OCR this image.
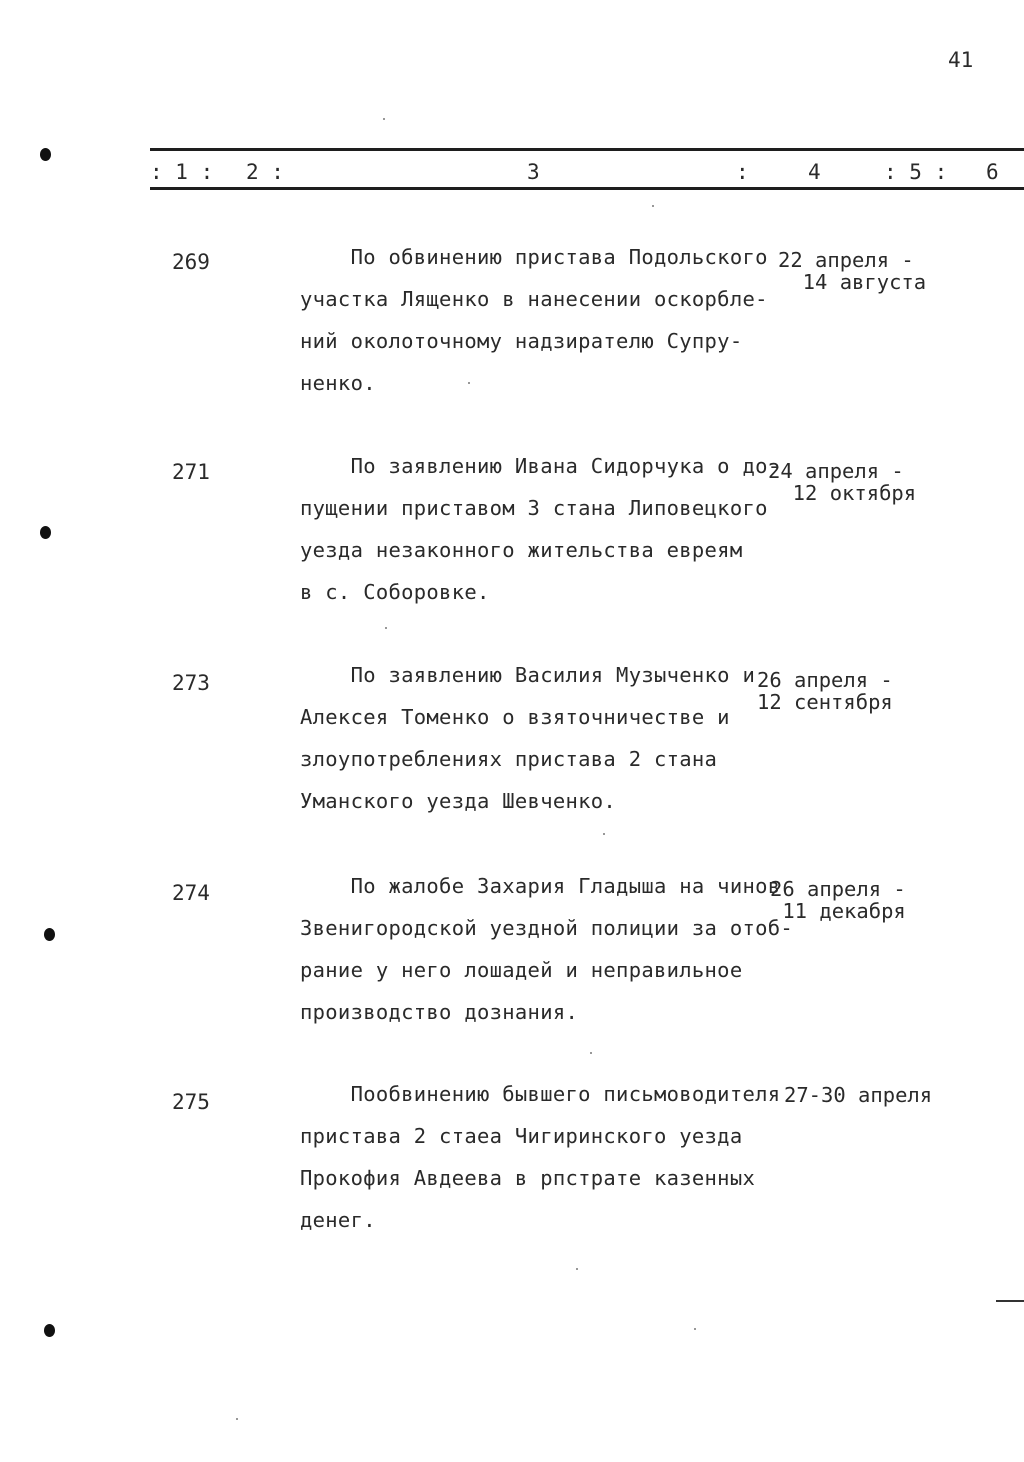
41
: 1 : 2 :	3	:	4	: 5 : 6
269	По обвинению пристава Подольского
участка Лященко в нанесении оскорбле-
ний околоточному надзирателю Супру-
ненко.
22 апреля -
14 августа
271	По заявлению Ивана Сидорчука о до-
пущении приставом 3 стана Липовецкого
уезда незаконного жительства евреям
в с. Соборовке.
24 апреля -
12 октября
273	По заявлению Василия Музыченко и
Алексея Томенко о взяточничестве и
злоупотреблениях пристава 2 стана
Уманского уезда Шевченко.
26 апреля -
12 сентября
274	По жалобе Захария Гладыша на чинов
Звенигородской уездной полиции за отоб-
рание у него лошадей и неправильное
производство дознания.
26 апреля -
11 декабря
275	Пообвинению бывшего письмоводителя
пристава 2 стаеа Чигиринского уезда
Прокофия Авдеева в рпстрате казенных
денег.
27-30 апреля
